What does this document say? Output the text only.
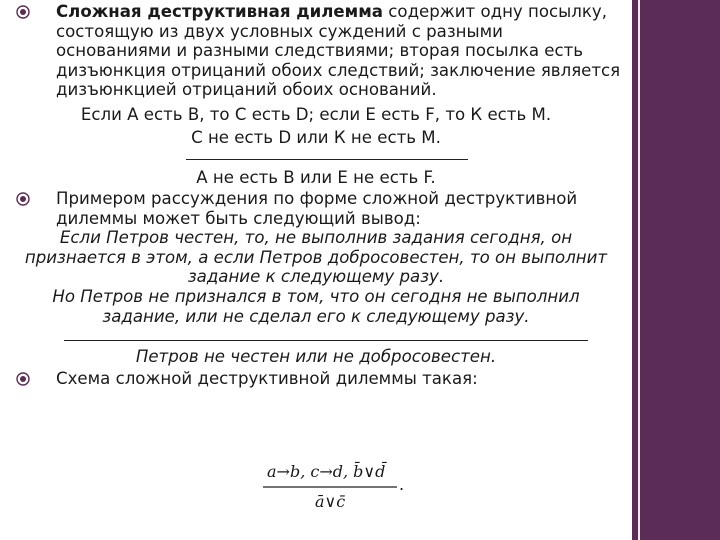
Сложная деструктивная дилемма содержит одну посылку, состоящую из двух условных суждений с разными основаниями и разными следствиями; вторая посылка есть дизъюнкция отрицаний обоих следствий; заключение является дизъюнкцией отрицаний обоих оснований.
Если А есть В, то С есть D; если Е есть F, то К есть М.
С не есть D или К не есть М.
А не есть В или Е не есть F.
Примером рассуждения по форме сложной деструктивной дилеммы может быть следующий вывод:
Если Петров честен, то, не выполнив задания сегодня, он признается в этом, а если Петров добросовестен, то он выполнит задание к следующему разу.
Но Петров не признался в том, что он сегодня не выполнил задание, или не сделал его к следующему разу.
Петров не честен или не добросовестен.
Схема сложной деструктивной дилеммы такая:
a→b, c→d, b̄∨d̄
ā∨c̄
.
